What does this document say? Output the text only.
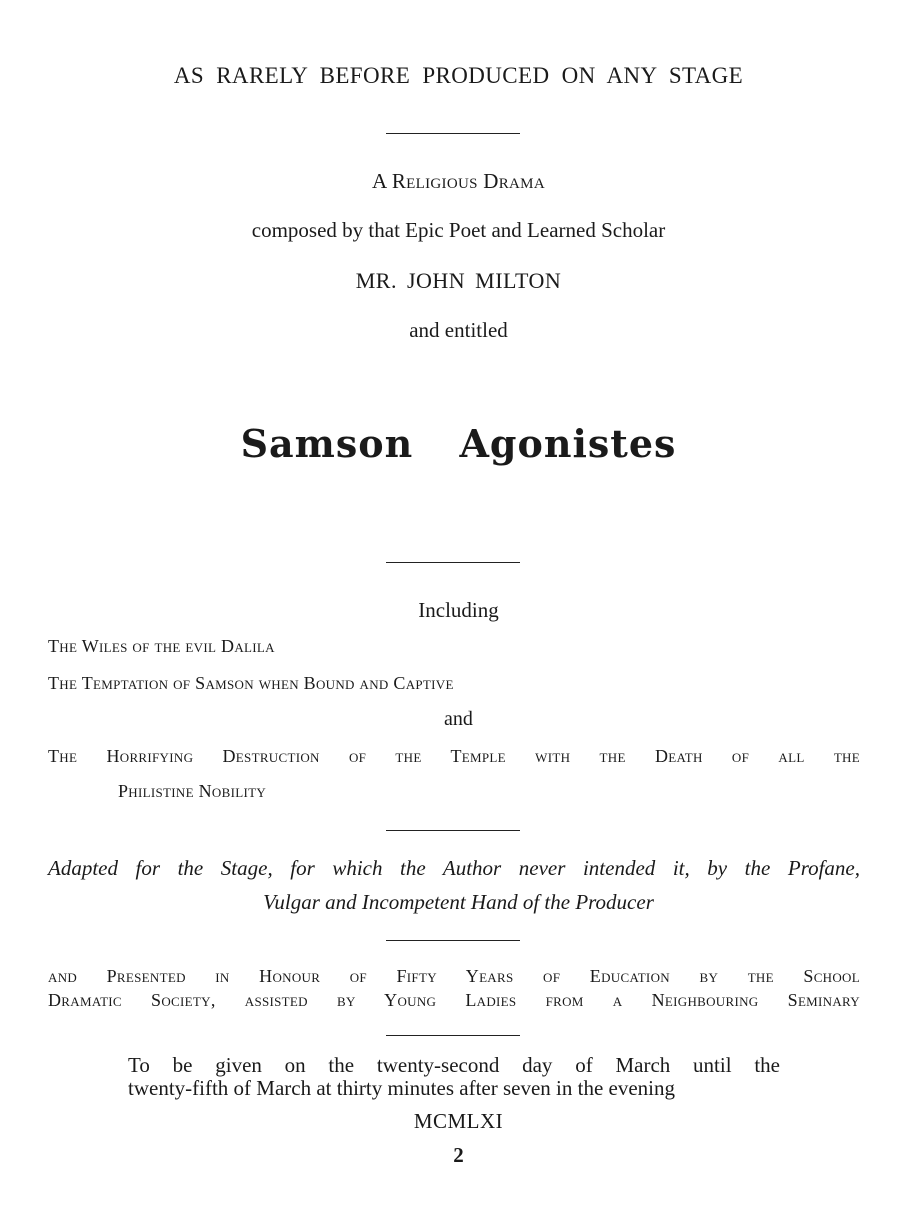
AS RARELY BEFORE PRODUCED ON ANY STAGE
A Religious Drama
composed by that Epic Poet and Learned Scholar
MR. JOHN MILTON
and entitled
Samson Agonistes
Including
The Wiles of the evil Dalila
The Temptation of Samson when Bound and Captive
and
The Horrifying Destruction of the Temple with the Death of all the
Philistine Nobility
Adapted for the Stage, for which the Author never intended it, by the Profane,
Vulgar and Incompetent Hand of the Producer
and Presented in Honour of Fifty Years of Education by the School
Dramatic Society, assisted by Young Ladies from a Neighbouring Seminary
To be given on the twenty-second day of March until the
twenty-fifth of March at thirty minutes after seven in the evening
MCMLXI
2
